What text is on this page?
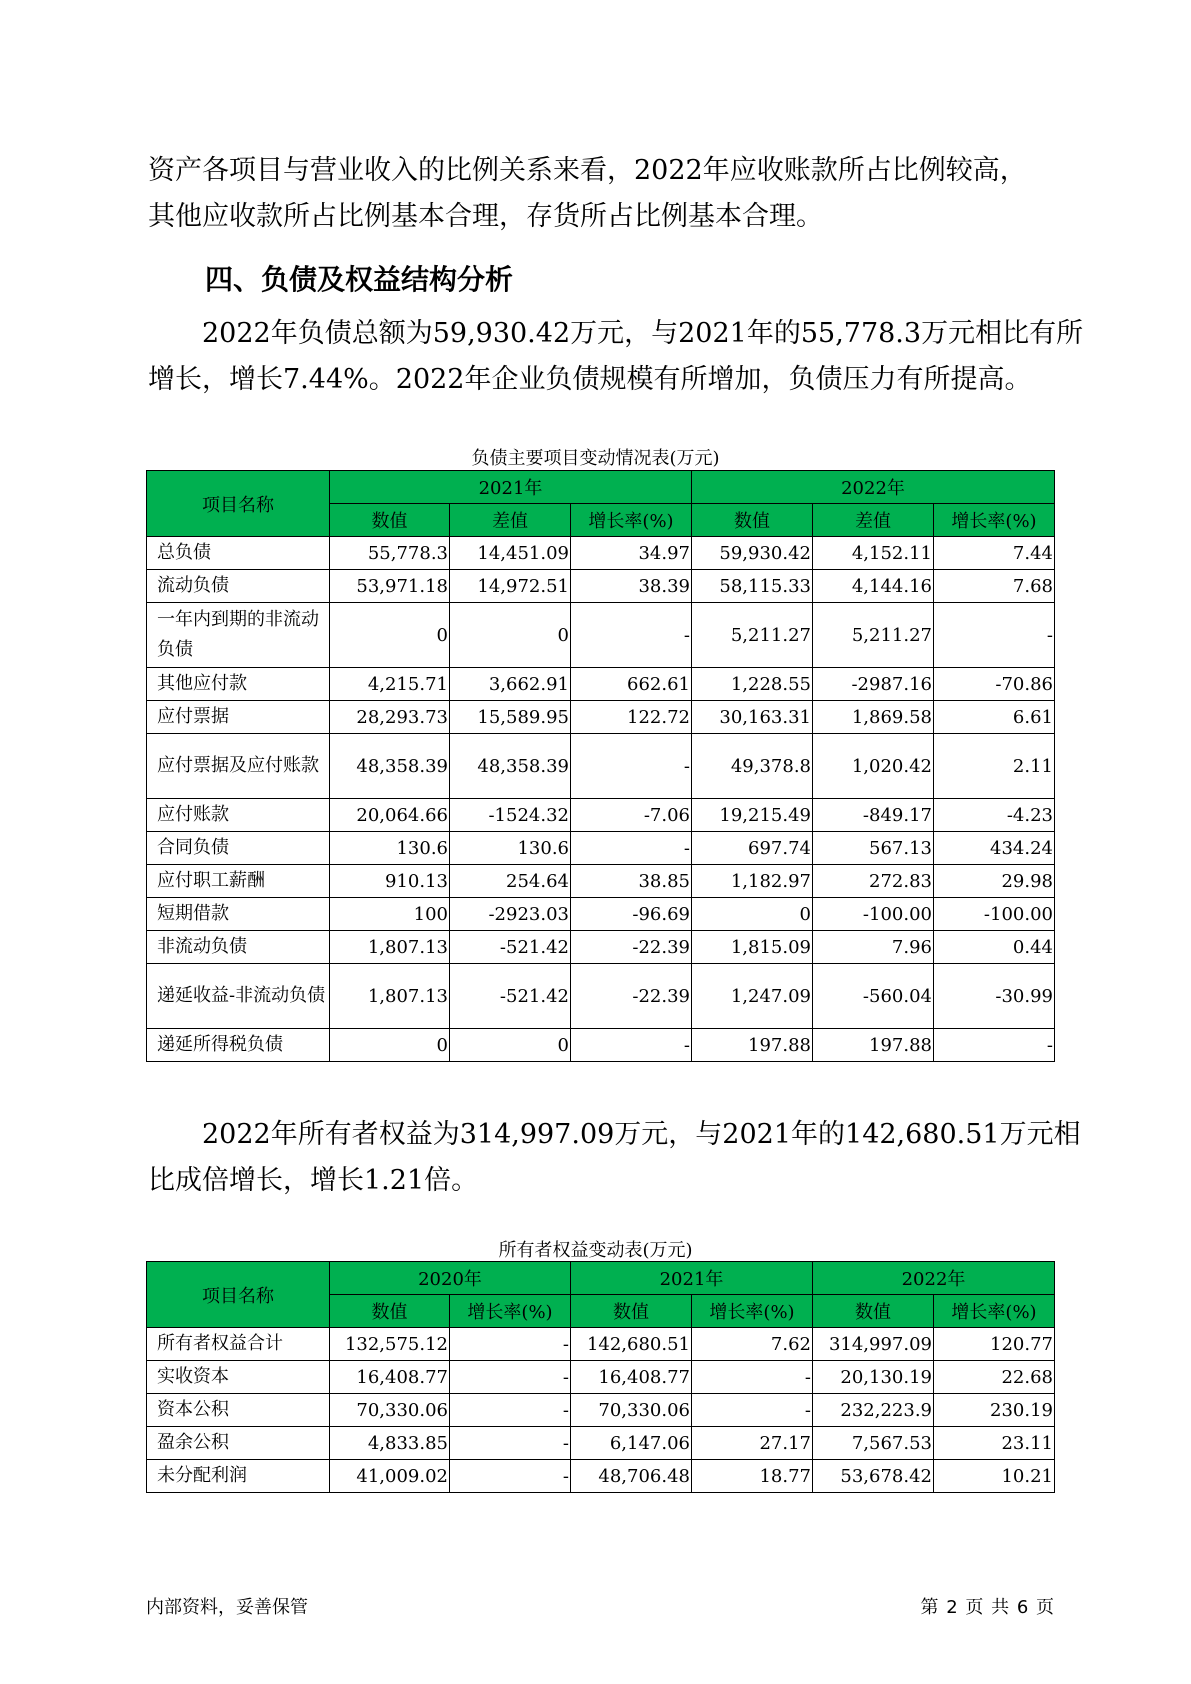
资产各项目与营业收入的比例关系来看，2022年应收账款所占比例较高，
其他应收款所占比例基本合理，存货所占比例基本合理。
四、负债及权益结构分析
2022年负债总额为59,930.42万元，与2021年的55,778.3万元相比有所
增长，增长7.44%。2022年企业负债规模有所增加，负债压力有所提高。
负债主要项目变动情况表(万元)
项目名称	2021年			2022年		
	数值	差值	增长率(%)	数值	差值	增长率(%)
总负债	55,778.3	14,451.09	34.97	59,930.42	4,152.11	7.44
流动负债	53,971.18	14,972.51	38.39	58,115.33	4,144.16	7.68
一年内到期的非流动负债	0	0	-	5,211.27	5,211.27	-
其他应付款	4,215.71	3,662.91	662.61	1,228.55	-2987.16	-70.86
应付票据	28,293.73	15,589.95	122.72	30,163.31	1,869.58	6.61
应付票据及应付账款	48,358.39	48,358.39	-	49,378.8	1,020.42	2.11
应付账款	20,064.66	-1524.32	-7.06	19,215.49	-849.17	-4.23
合同负债	130.6	130.6	-	697.74	567.13	434.24
应付职工薪酬	910.13	254.64	38.85	1,182.97	272.83	29.98
短期借款	100	-2923.03	-96.69	0	-100.00	-100.00
非流动负债	1,807.13	-521.42	-22.39	1,815.09	7.96	0.44
递延收益-非流动负债	1,807.13	-521.42	-22.39	1,247.09	-560.04	-30.99
递延所得税负债	0	0	-	197.88	197.88	-
2022年所有者权益为314,997.09万元，与2021年的142,680.51万元相
比成倍增长，增长1.21倍。
所有者权益变动表(万元)
项目名称	2020年		2021年		2022年	
	数值	增长率(%)	数值	增长率(%)	数值	增长率(%)
所有者权益合计	132,575.12	-	142,680.51	7.62	314,997.09	120.77
实收资本	16,408.77	-	16,408.77	-	20,130.19	22.68
资本公积	70,330.06	-	70,330.06	-	232,223.9	230.19
盈余公积	4,833.85	-	6,147.06	27.17	7,567.53	23.11
未分配利润	41,009.02	-	48,706.48	18.77	53,678.42	10.21
内部资料，妥善保管	第 2 页 共 6 页
